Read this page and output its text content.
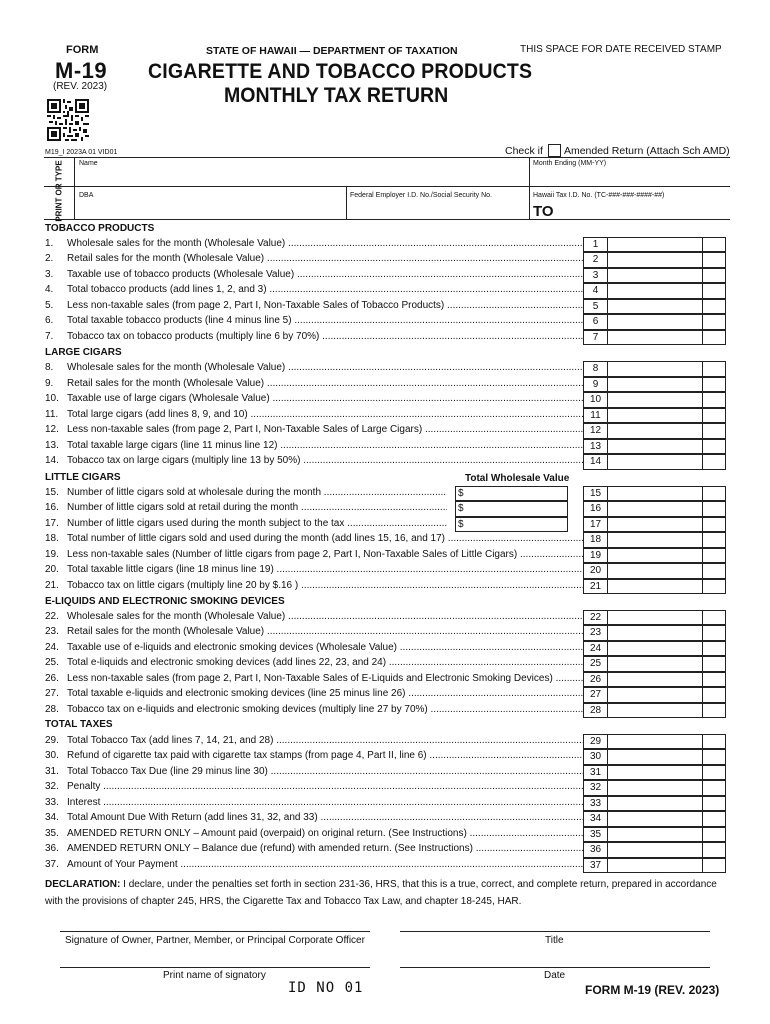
FORM
M-19
(REV. 2023)
STATE OF HAWAII — DEPARTMENT OF TAXATION
CIGARETTE AND TOBACCO PRODUCTS
MONTHLY TAX RETURN
THIS SPACE FOR DATE RECEIVED STAMP
M19_I 2023A 01 VID01	Check if Amended Return (Attach Sch AMD)
PRINT OR TYPE Name	Month Ending (MM-YY)
DBA	Federal Employer I.D. No./Social Security No.	Hawaii Tax I.D. No. (TC-###-###-####-##)
TO
TOBACCO PRODUCTS
LARGE CIGARS
LITTLE CIGARS	Total Wholesale Value
E-LIQUIDS AND ELECTRONIC SMOKING DEVICES
TOTAL TAXES
1.	Wholesale sales for the month (Wholesale Value) .....	1
2.	Retail sales for the month (Wholesale Value) .....	2
3.	Taxable use of tobacco products (Wholesale Value) .....	3
4.	Total tobacco products (add lines 1, 2, and 3) .....	4
5.	Less non-taxable sales (from page 2, Part I, Non-Taxable Sales of Tobacco Products) .....	5
6.	Total taxable tobacco products (line 4 minus line 5) .....	6
7.	Tobacco tax on tobacco products (multiply line 6 by 70%) .....	7
8.	Wholesale sales for the month (Wholesale Value) .....	8
9.	Retail sales for the month (Wholesale Value) .....	9
10. Taxable use of large cigars (Wholesale Value) .....	10
11. Total large cigars (add lines 8, 9, and 10) .....	11
12. Less non-taxable sales (from page 2, Part I, Non-Taxable Sales of Large Cigars) .....	12
13. Total taxable large cigars (line 11 minus line 12) .....	13
14. Tobacco tax on large cigars (multiply line 13 by 50%) .....	14
15. Number of little cigars sold at wholesale during the month .....	$	15
16. Number of little cigars sold at retail during the month .....	$	16
17. Number of little cigars used during the month subject to the tax .....	$	17
18. Total number of little cigars sold and used during the month (add lines 15, 16, and 17) .....	18
19. Less non-taxable sales (Number of little cigars from page 2, Part I, Non-Taxable Sales of Little Cigars) .....	19
20. Total taxable little cigars (line 18 minus line 19) .....	20
21. Tobacco tax on little cigars (multiply line 20 by $.16 ) .....	21
22. Wholesale sales for the month (Wholesale Value) .....	22
23. Retail sales for the month (Wholesale Value) .....	23
24. Taxable use of e-liquids and electronic smoking devices (Wholesale Value) .....	24
25. Total e-liquids and electronic smoking devices (add lines 22, 23, and 24) .....	25
26. Less non-taxable sales (from page 2, Part I, Non-Taxable Sales of E-Liquids and Electronic Smoking Devices) .....	26
27. Total taxable e-liquids and electronic smoking devices (line 25 minus line 26) .....	27
28. Tobacco tax on e-liquids and electronic smoking devices (multiply line 27 by 70%) .....	28
29. Total Tobacco Tax (add lines 7, 14, 21, and 28) .....	29
30. Refund of cigarette tax paid with cigarette tax stamps (from page 4, Part II, line 6) .....	30
31. Total Tobacco Tax Due (line 29 minus line 30) .....	31
32. Penalty .....	32
33. Interest .....	33
34. Total Amount Due With Return (add lines 31, 32, and 33) .....	34
35. AMENDED RETURN ONLY – Amount paid (overpaid) on original return. (See Instructions) .....	35
36. AMENDED RETURN ONLY – Balance due (refund) with amended return. (See Instructions) .....	36
37. Amount of Your Payment .....	37
DECLARATION: I declare, under the penalties set forth in section 231-36, HRS, that this is a true, correct, and complete return, prepared in accordance with the provisions of chapter 245, HRS, the Cigarette Tax and Tobacco Tax Law, and chapter 18-245, HAR.
Signature of Owner, Partner, Member, or Principal Corporate Officer	Title
Print name of signatory	Date
ID NO 01	FORM M-19 (REV. 2023)
